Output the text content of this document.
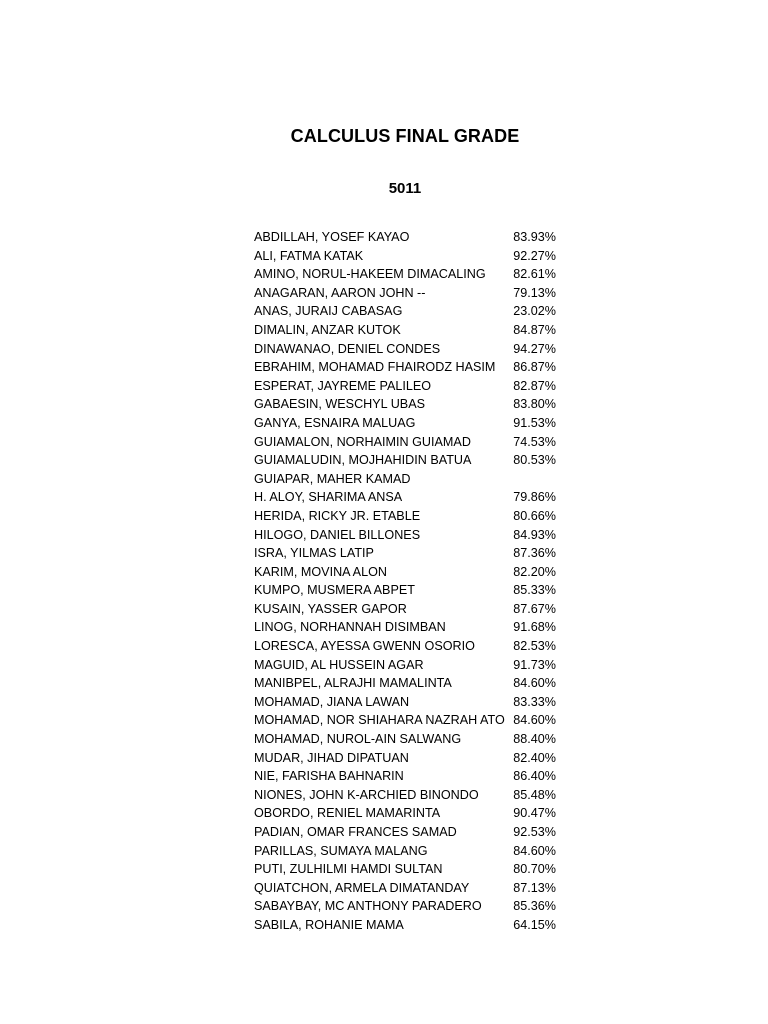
CALCULUS FINAL GRADE
5011
ABDILLAH, YOSEF KAYAO	83.93%
ALI, FATMA KATAK	92.27%
AMINO, NORUL-HAKEEM DIMACALING 82.61%
ANAGARAN, AARON JOHN --	79.13%
ANAS, JURAIJ CABASAG	23.02%
DIMALIN, ANZAR KUTOK	84.87%
DINAWANAO, DENIEL CONDES	94.27%
EBRAHIM, MOHAMAD FHAIRODZ HASIM 86.87%
ESPERAT, JAYREME PALILEO	82.87%
GABAESIN, WESCHYL UBAS	83.80%
GANYA, ESNAIRA MALUAG	91.53%
GUIAMALON, NORHAIMIN GUIAMAD	74.53%
GUIAMALUDIN, MOJHAHIDIN BATUA	80.53%
GUIAPAR, MAHER KAMAD
H. ALOY, SHARIMA ANSA	79.86%
HERIDA, RICKY JR. ETABLE	80.66%
HILOGO, DANIEL BILLONES	84.93%
ISRA, YILMAS LATIP	87.36%
KARIM, MOVINA ALON	82.20%
KUMPO, MUSMERA ABPET	85.33%
KUSAIN, YASSER GAPOR	87.67%
LINOG, NORHANNAH DISIMBAN	91.68%
LORESCA, AYESSA GWENN OSORIO	82.53%
MAGUID, AL HUSSEIN AGAR	91.73%
MANIBPEL, ALRAJHI MAMALINTA	84.60%
MOHAMAD, JIANA LAWAN	83.33%
MOHAMAD, NOR SHIAHARA NAZRAH ATO 84.60%
MOHAMAD, NUROL-AIN SALWANG	88.40%
MUDAR, JIHAD DIPATUAN	82.40%
NIE, FARISHA BAHNARIN	86.40%
NIONES, JOHN K-ARCHIED BINONDO	85.48%
OBORDO, RENIEL MAMARINTA	90.47%
PADIAN, OMAR FRANCES SAMAD	92.53%
PARILLAS, SUMAYA MALANG	84.60%
PUTI, ZULHILMI HAMDI SULTAN	80.70%
QUIATCHON, ARMELA DIMATANDAY	87.13%
SABAYBAY, MC ANTHONY PARADERO	85.36%
SABILA, ROHANIE MAMA	64.15%
